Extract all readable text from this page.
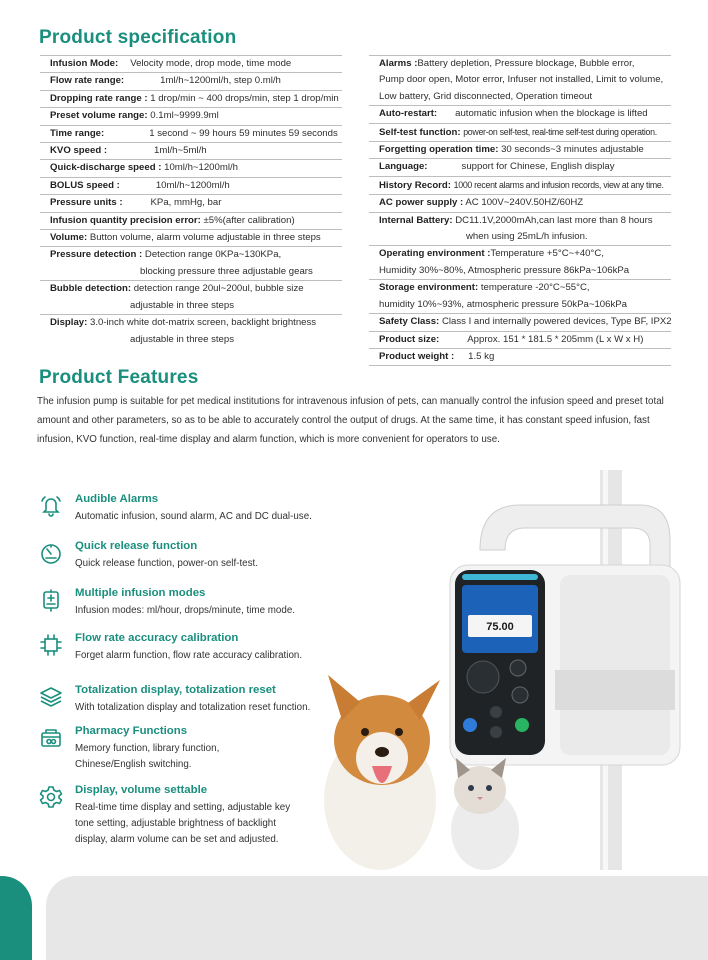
Product specification
Infusion Mode: Velocity mode, drop mode, time mode
Flow rate range:	1ml/h~1200ml/h, step 0.ml/h
Dropping rate range : 1 drop/min ~ 400 drops/min, step 1 drop/min
Preset volume range: 0.1ml~9999.9ml
Time range:	1 second ~ 99 hours 59 minutes 59 seconds
KVO speed :	1ml/h~5ml/h
Quick-discharge speed : 10ml/h~1200ml/h
BOLUS speed :	10ml/h~1200ml/h
Pressure units :	KPa, mmHg, bar
Infusion quantity precision error: ±5%(after calibration)
Volume: Button volume, alarm volume adjustable in three steps
Pressure detection : Detection range 0KPa~130KPa,
blocking pressure three adjustable gears
Bubble detection: detection range 20ul~200ul, bubble size
adjustable in three steps
Display: 3.0-inch white dot-matrix screen, backlight brightness
adjustable in three steps
Alarms :Battery depletion, Pressure blockage, Bubble error,
Pump door open, Motor error, Infuser not installed, Limit to volume,
Low battery, Grid disconnected, Operation timeout
Auto-restart: automatic infusion when the blockage is lifted
Self-test function: power-on self-test, real-time self-test during operation.
Forgetting operation time: 30 seconds~3 minutes adjustable
Language:	support for Chinese, English display
History Record: 1000 recent alarms and infusion records, view at any time.
AC power supply : AC 100V~240V.50HZ/60HZ
Internal Battery: DC11.1V,2000mAh,can last more than 8 hours
when using 25mL/h infusion.
Operating environment :Temperature +5°C~+40°C,
Humidity 30%~80%, Atmospheric pressure 86kPa~106kPa
Storage environment: temperature -20°C~55°C,
humidity 10%~93%, atmospheric pressure 50kPa~106kPa
Safety Class: Class I and internally powered devices, Type BF, IPX2
Product size:	Approx. 151 * 181.5 * 205mm (L x W x H)
Product weight : 1.5 kg
Product Features
The infusion pump is suitable for pet medical institutions for intravenous infusion of pets, can manually control the infusion speed and preset total amount and other parameters, so as to be able to accurately control the output of drugs. At the same time, it has constant speed infusion, fast infusion, KVO function, real-time display and alarm function, which is more convenient for operators to use.
Audible Alarms
Automatic infusion, sound alarm, AC and DC dual-use.
Quick release function
Quick release function, power-on self-test.
Multiple infusion modes
Infusion modes: ml/hour, drops/minute, time mode.
Flow rate accuracy calibration
Forget alarm function, flow rate accuracy calibration.
Totalization display, totalization reset
With totalization display and totalization reset function.
Pharmacy Functions
Memory function, library function, Chinese/English switching.
Display, volume settable
Real-time time display and setting, adjustable key tone setting, adjustable brightness of backlight display, alarm volume can be set and adjusted.
75.00
